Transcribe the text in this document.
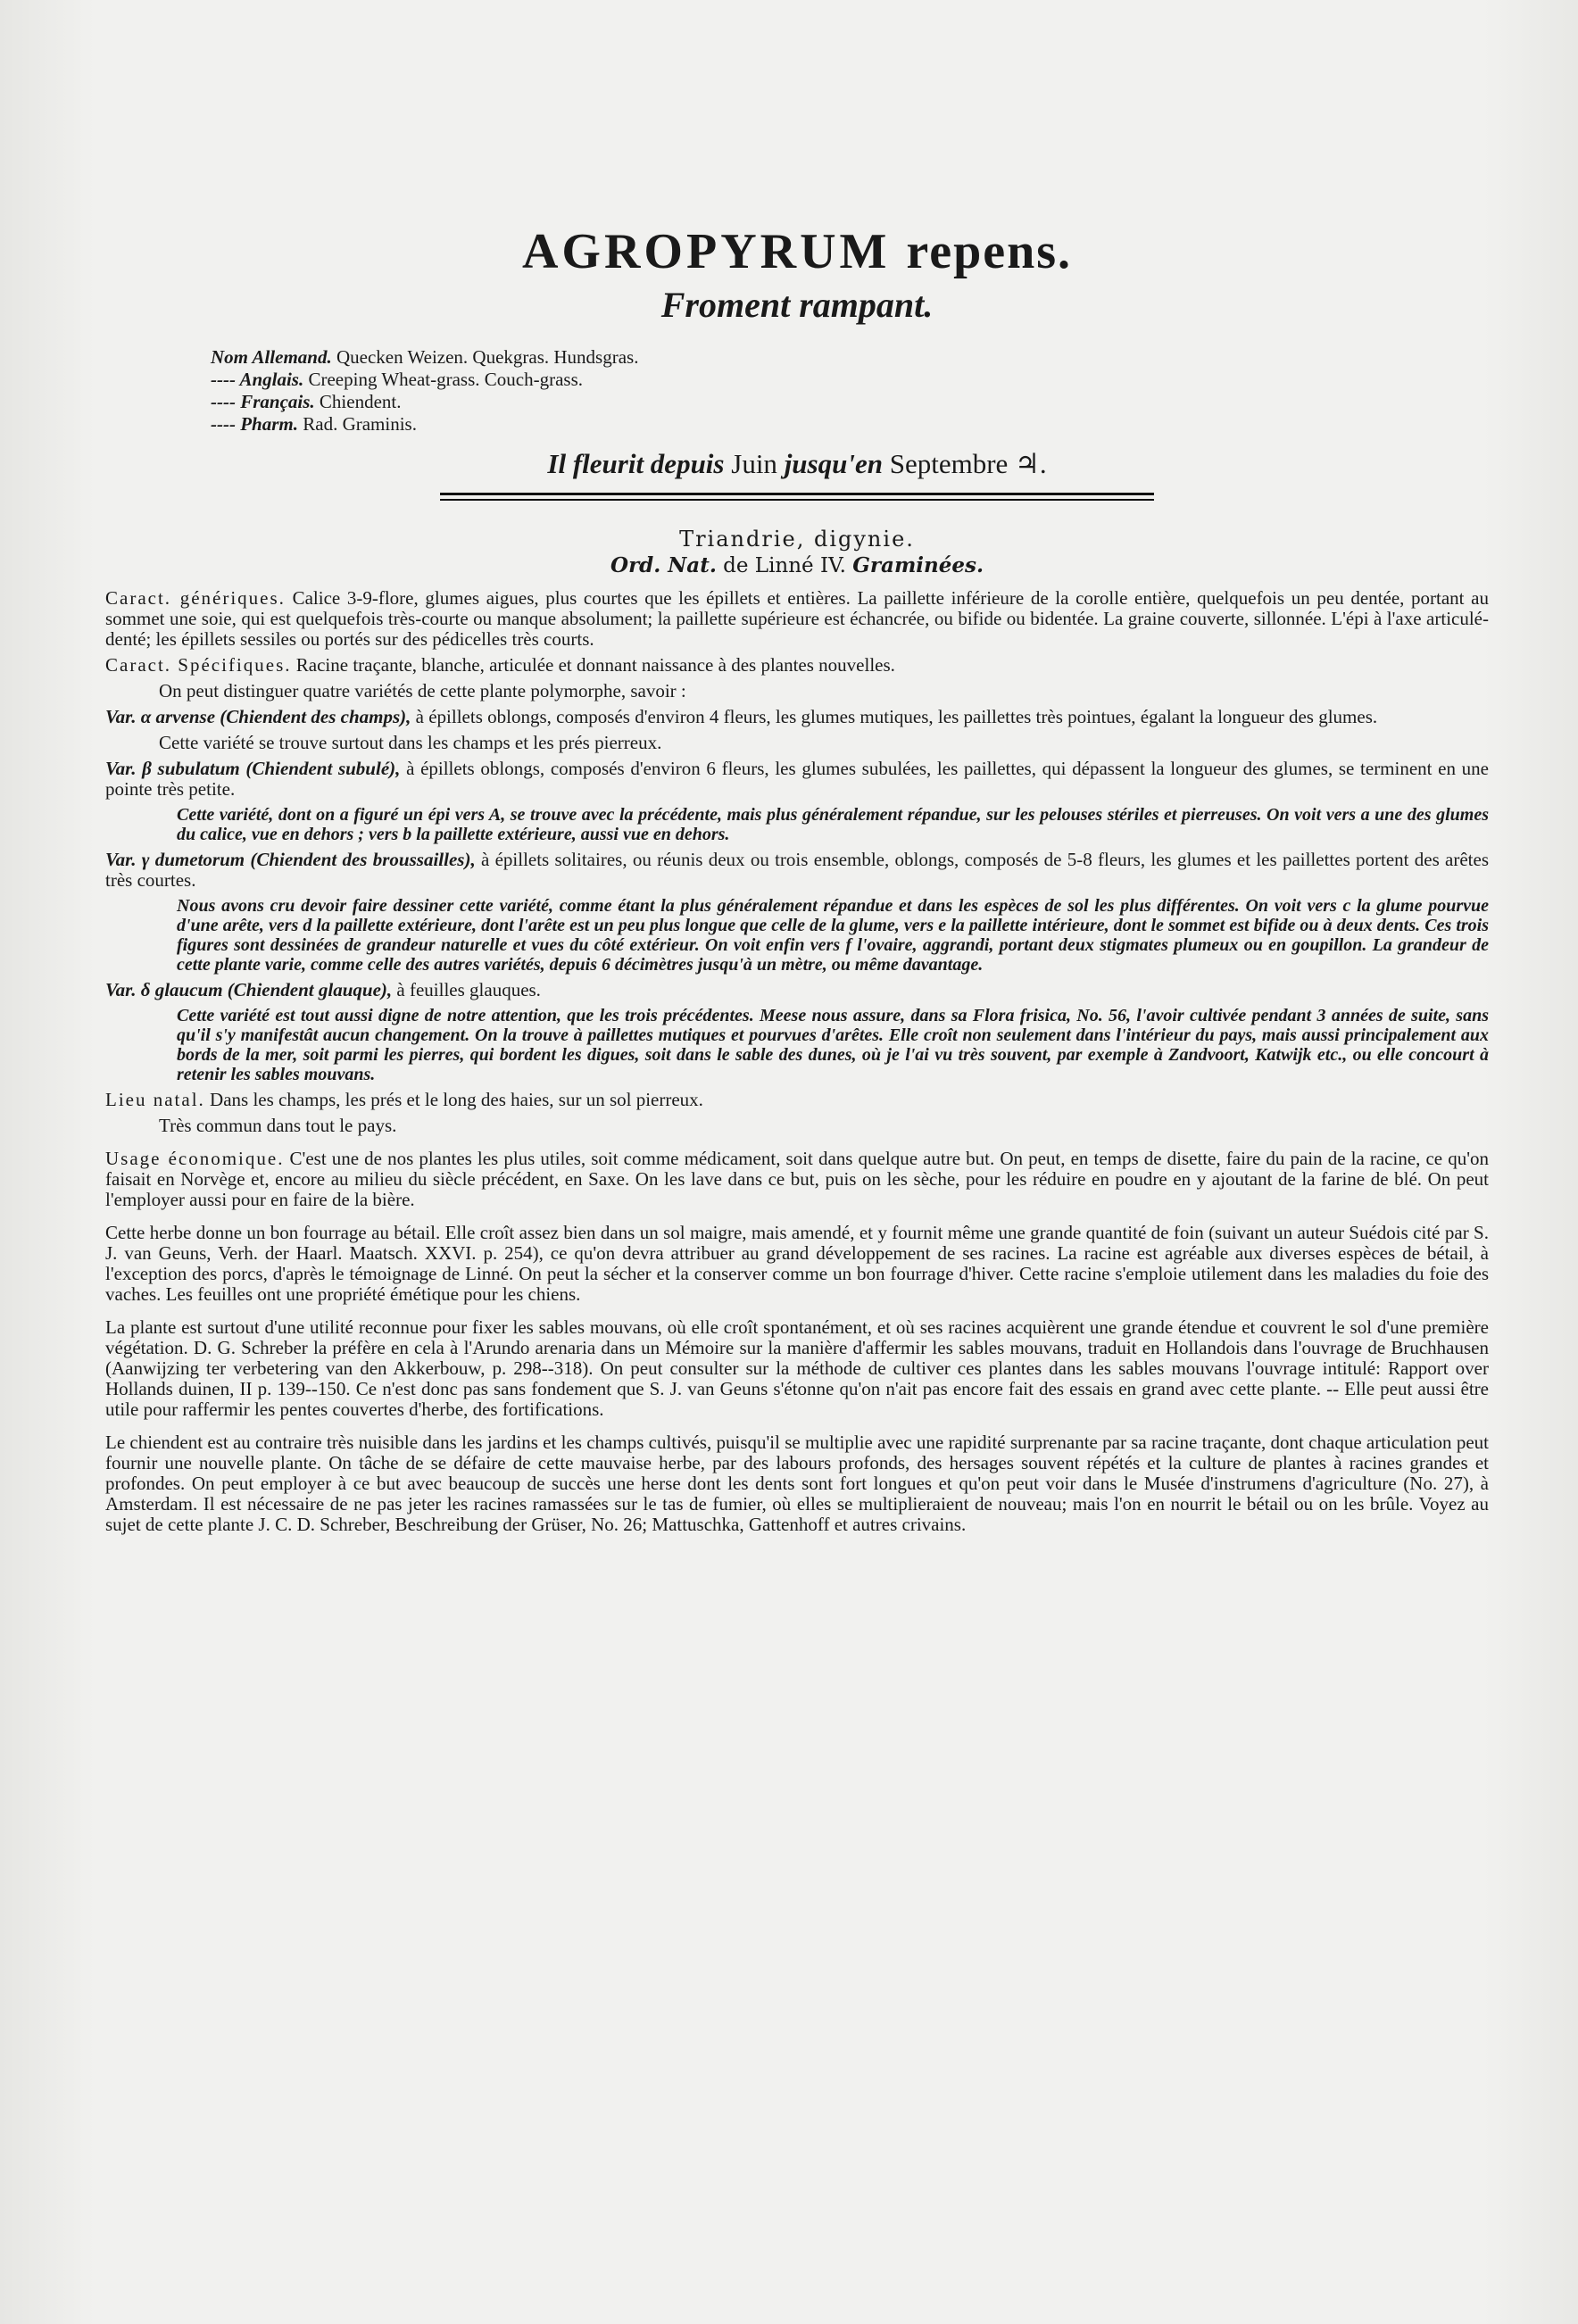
AGROPYRUM repens.
Froment rampant.
Nom Allemand. Quecken Weizen. Quekgras. Hundsgras.
---- Anglais. Creeping Wheat-grass. Couch-grass.
---- Français. Chiendent.
---- Pharm. Rad. Graminis.
Il fleurit depuis Juin jusqu'en Septembre ♃.
Triandrie, digynie.
Ord. Nat. de Linné IV. Graminées.

Caract. génériques. Calice 3-9-flore, glumes aigues, plus courtes que les épillets et entières. La paillette inférieure de la corolle entière, quelquefois un peu dentée, portant au sommet une soie, qui est quelquefois très-courte ou manque absolument; la paillette supérieure est échancrée, ou bifide ou bidentée. La graine couverte, sillonnée. L'épi à l'axe articulé-denté; les épillets sessiles ou portés sur des pédicelles très courts.

Caract. Spécifiques. Racine traçante, blanche, articulée et donnant naissance à des plantes nouvelles.

On peut distinguer quatre variétés de cette plante polymorphe, savoir :

Var. α arvense (Chiendent des champs), à épillets oblongs, composés d'environ 4 fleurs, les glumes mutiques, les paillettes très pointues, égalant la longueur des glumes.

Cette variété se trouve surtout dans les champs et les prés pierreux.

Var. β subulatum (Chiendent subulé), à épillets oblongs, composés d'environ 6 fleurs, les glumes subulées, les paillettes, qui dépassent la longueur des glumes, se terminent en une pointe très petite.

Cette variété, dont on a figuré un épi vers A, se trouve avec la précédente, mais plus généralement répandue, sur les pelouses stériles et pierreuses. On voit vers a une des glumes du calice, vue en dehors ; vers b la paillette extérieure, aussi vue en dehors.

Var. γ dumetorum (Chiendent des broussailles), à épillets solitaires, ou réunis deux ou trois ensemble, oblongs, composés de 5-8 fleurs, les glumes et les paillettes portent des arêtes très courtes.

Nous avons cru devoir faire dessiner cette variété, comme étant la plus généralement répandue et dans les espèces de sol les plus différentes. On voit vers c la glume pourvue d'une arête, vers d la paillette extérieure, dont l'arête est un peu plus longue que celle de la glume, vers e la paillette intérieure, dont le sommet est bifide ou à deux dents. Ces trois figures sont dessinées de grandeur naturelle et vues du côté extérieur. On voit enfin vers f l'ovaire, aggrandi, portant deux stigmates plumeux ou en goupillon. La grandeur de cette plante varie, comme celle des autres variétés, depuis 6 décimètres jusqu'à un mètre, ou même davantage.

Var. δ glaucum (Chiendent glauque), à feuilles glauques.

Cette variété est tout aussi digne de notre attention, que les trois précédentes. Meese nous assure, dans sa Flora frisica, No. 56, l'avoir cultivée pendant 3 années de suite, sans qu'il s'y manifestât aucun changement. On la trouve à paillettes mutiques et pourvues d'arêtes. Elle croît non seulement dans l'intérieur du pays, mais aussi principalement aux bords de la mer, soit parmi les pierres, qui bordent les digues, soit dans le sable des dunes, où je l'ai vu très souvent, par exemple à Zandvoort, Katwijk etc., ou elle concourt à retenir les sables mouvans.

Lieu natal. Dans les champs, les prés et le long des haies, sur un sol pierreux.

Très commun dans tout le pays.

Usage économique. C'est une de nos plantes les plus utiles, soit comme médicament, soit dans quelque autre but. On peut, en temps de disette, faire du pain de la racine, ce qu'on faisait en Norvège et, encore au milieu du siècle précédent, en Saxe. On les lave dans ce but, puis on les sèche, pour les réduire en poudre en y ajoutant de la farine de blé. On peut l'employer aussi pour en faire de la bière.

Cette herbe donne un bon fourrage au bétail. Elle croît assez bien dans un sol maigre, mais amendé, et y fournit même une grande quantité de foin (suivant un auteur Suédois cité par S. J. van Geuns, Verh. der Haarl. Maatsch. XXVI. p. 254), ce qu'on devra attribuer au grand développement de ses racines. La racine est agréable aux diverses espèces de bétail, à l'exception des porcs, d'après le témoignage de Linné. On peut la sécher et la conserver comme un bon fourrage d'hiver. Cette racine s'emploie utilement dans les maladies du foie des vaches. Les feuilles ont une propriété émétique pour les chiens.

La plante est surtout d'une utilité reconnue pour fixer les sables mouvans, où elle croît spontanément, et où ses racines acquièrent une grande étendue et couvrent le sol d'une première végétation. D. G. Schreber la préfère en cela à l'Arundo arenaria dans un Mémoire sur la manière d'affermir les sables mouvans, traduit en Hollandois dans l'ouvrage de Bruchhausen (Aanwijzing ter verbetering van den Akkerbouw, p. 298--318). On peut consulter sur la méthode de cultiver ces plantes dans les sables mouvans l'ouvrage intitulé: Rapport over Hollands duinen, II p. 139--150. Ce n'est donc pas sans fondement que S. J. van Geuns s'étonne qu'on n'ait pas encore fait des essais en grand avec cette plante. -- Elle peut aussi être utile pour raffermir les pentes couvertes d'herbe, des fortifications.

Le chiendent est au contraire très nuisible dans les jardins et les champs cultivés, puisqu'il se multiplie avec une rapidité surprenante par sa racine traçante, dont chaque articulation peut fournir une nouvelle plante. On tâche de se défaire de cette mauvaise herbe, par des labours profonds, des hersages souvent répétés et la culture de plantes à racines grandes et profondes. On peut employer à ce but avec beaucoup de succès une herse dont les dents sont fort longues et qu'on peut voir dans le Musée d'instrumens d'agriculture (No. 27), à Amsterdam. Il est nécessaire de ne pas jeter les racines ramassées sur le tas de fumier, où elles se multiplieraient de nouveau; mais l'on en nourrit le bétail ou on les brûle. Voyez au sujet de cette plante J. C. D. Schreber, Beschreibung der Grüser, No. 26; Mattuschka, Gattenhoff et autres crivains.
